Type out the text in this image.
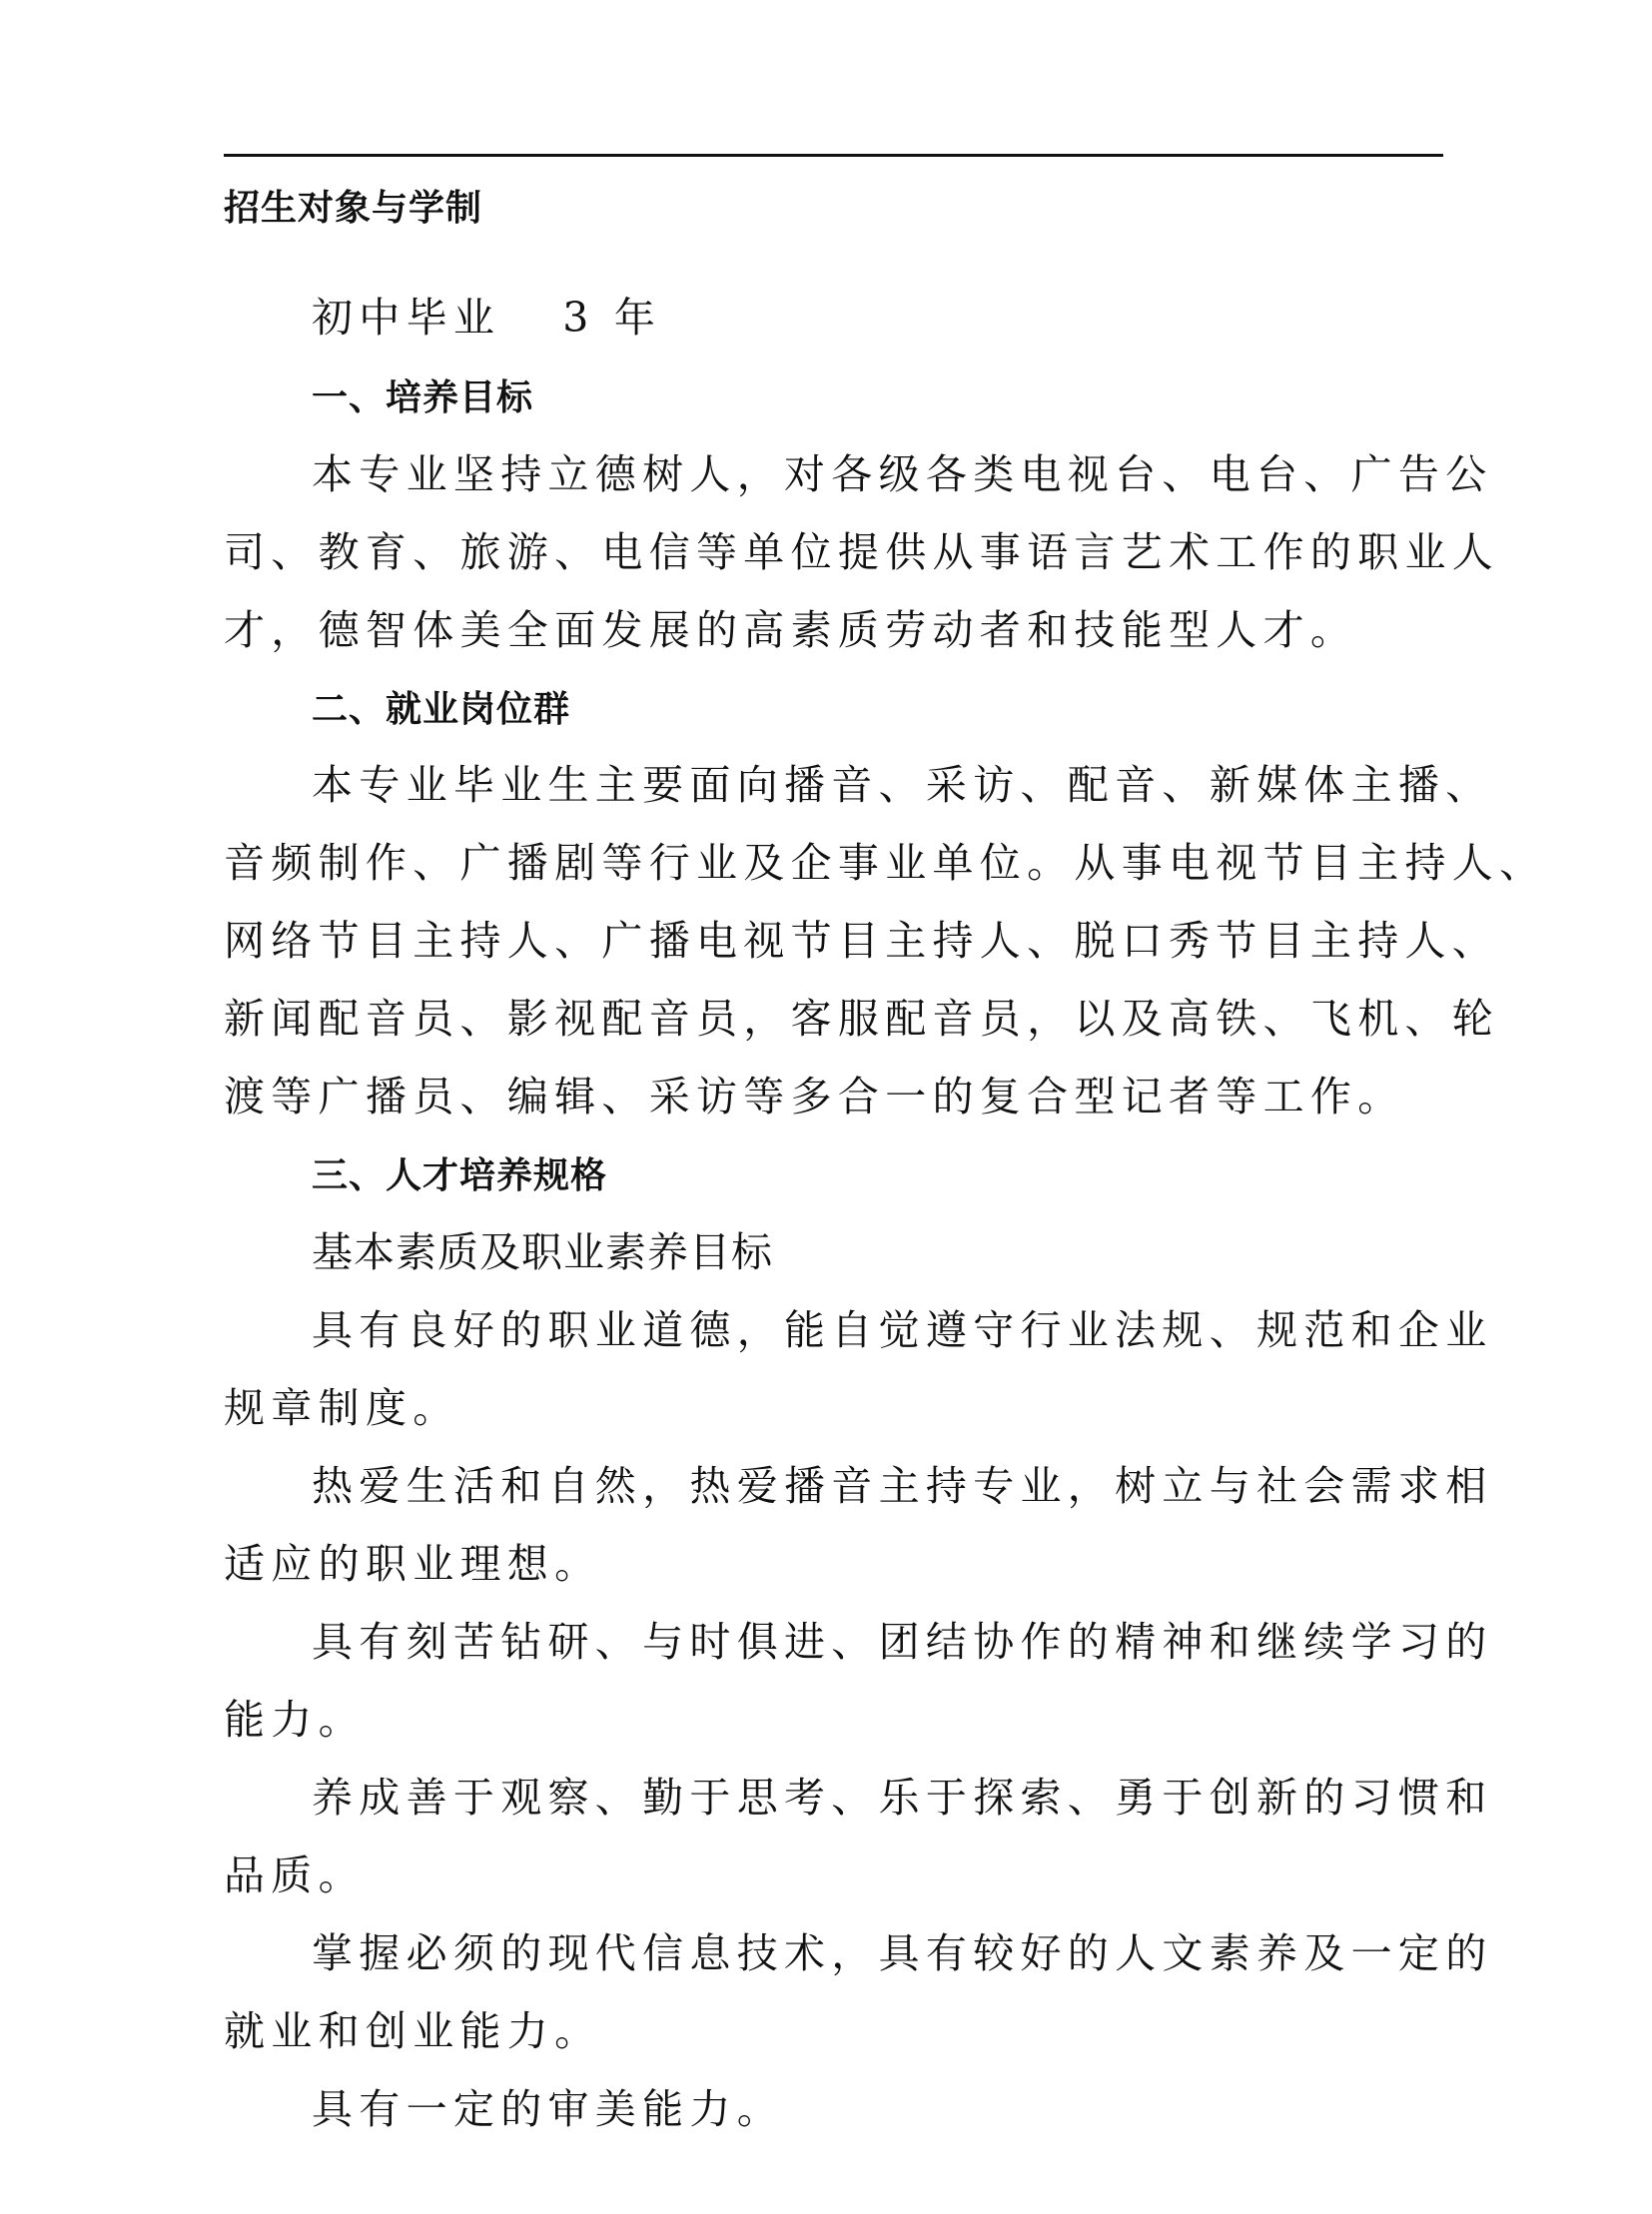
招生对象与学制
初中毕业 3 年
一、培养目标
本专业坚持立德树人，对各级各类电视台、电台、广告公
司、教育、旅游、电信等单位提供从事语言艺术工作的职业人
才，德智体美全面发展的高素质劳动者和技能型人才。
二、就业岗位群
本专业毕业生主要面向播音、采访、配音、新媒体主播、
音频制作、广播剧等行业及企事业单位。从事电视节目主持人、
网络节目主持人、广播电视节目主持人、脱口秀节目主持人、
新闻配音员、影视配音员，客服配音员，以及高铁、飞机、轮
渡等广播员、编辑、采访等多合一的复合型记者等工作。
三、人才培养规格
基本素质及职业素养目标
具有良好的职业道德，能自觉遵守行业法规、规范和企业
规章制度。
热爱生活和自然，热爱播音主持专业，树立与社会需求相
适应的职业理想。
具有刻苦钻研、与时俱进、团结协作的精神和继续学习的
能力。
养成善于观察、勤于思考、乐于探索、勇于创新的习惯和
品质。
掌握必须的现代信息技术，具有较好的人文素养及一定的
就业和创业能力。
具有一定的审美能力。
